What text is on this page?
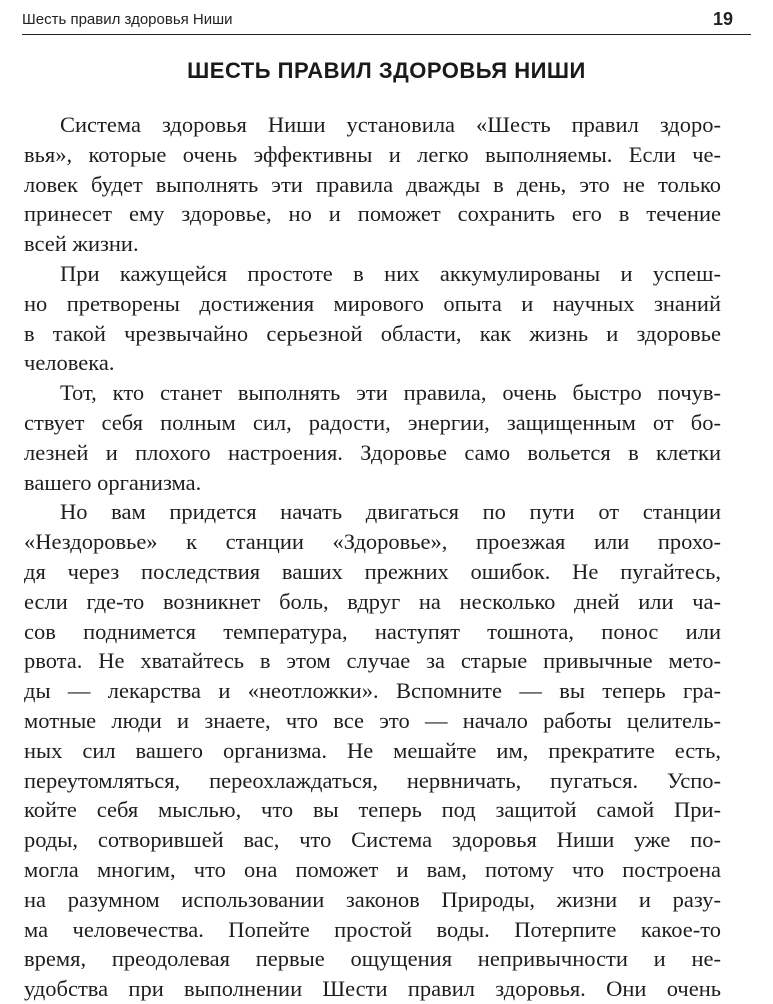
Шесть правил здоровья Ниши	19
ШЕСТЬ ПРАВИЛ ЗДОРОВЬЯ НИШИ
Система здоровья Ниши установила «Шесть правил здоро-
вья», которые очень эффективны и легко выполняемы. Если че-
ловек будет выполнять эти правила дважды в день, это не только
принесет ему здоровье, но и поможет сохранить его в течение
всей жизни.
При кажущейся простоте в них аккумулированы и успеш-
но претворены достижения мирового опыта и научных знаний
в такой чрезвычайно серьезной области, как жизнь и здоровье
человека.
Тот, кто станет выполнять эти правила, очень быстро почув-
ствует себя полным сил, радости, энергии, защищенным от бо-
лезней и плохого настроения. Здоровье само вольется в клетки
вашего организма.
Но вам придется начать двигаться по пути от станции
«Нездоровье» к станции «Здоровье», проезжая или прохо-
дя через последствия ваших прежних ошибок. Не пугайтесь,
если где-то возникнет боль, вдруг на несколько дней или ча-
сов поднимется температура, наступят тошнота, понос или
рвота. Не хватайтесь в этом случае за старые привычные мето-
ды — лекарства и «неотложки». Вспомните — вы теперь гра-
мотные люди и знаете, что все это — начало работы целитель-
ных сил вашего организма. Не мешайте им, прекратите есть,
переутомляться, переохлаждаться, нервничать, пугаться. Успо-
койте себя мыслью, что вы теперь под защитой самой При-
роды, сотворившей вас, что Система здоровья Ниши уже по-
могла многим, что она поможет и вам, потому что построена
на разумном использовании законов Природы, жизни и разу-
ма человечества. Попейте простой воды. Потерпите какое-то
время, преодолевая первые ощущения непривычности и не-
удобства при выполнении Шести правил здоровья. Они очень
